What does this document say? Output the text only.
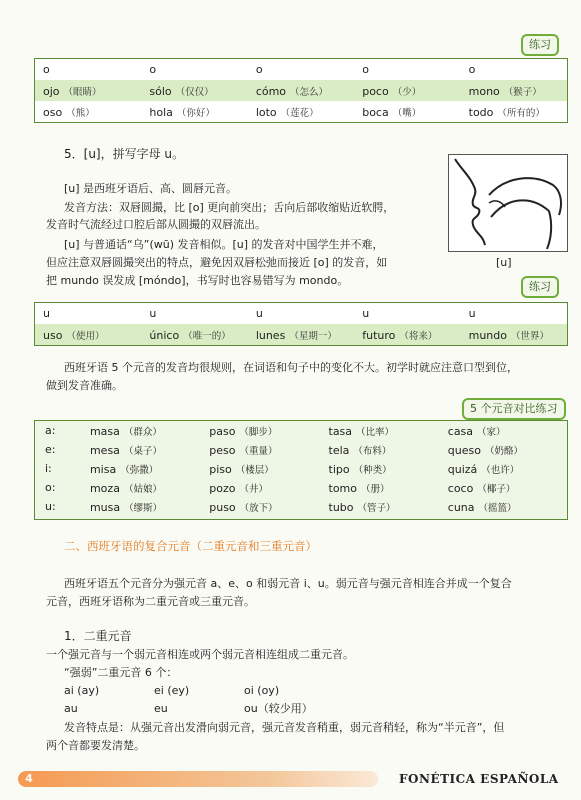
练习
o	o	o	o	o
ojo （眼睛）	sólo （仅仅）	cómo （怎么）	poco （少）	mono （猴子）
oso （熊）	hola （你好）	loto （莲花）	boca （嘴）	todo （所有的）
5．[u]，拼写字母 u。
[u] 是西班牙语后、高、圆唇元音。
发音方法：双唇圆撮，比 [o] 更向前突出；舌向后部收缩贴近软腭，
发音时气流经过口腔后部从圆撮的双唇流出。
[u] 与普通话“乌”(wū) 发音相似。[u] 的发音对中国学生并不难，
但应注意双唇圆撮突出的特点，避免因双唇松弛而接近 [o] 的发音，如
把 mundo 误发成 [móndo]，书写时也容易错写为 mondo。
[u]
练习
u	u	u	u	u
uso （使用）	único （唯一的）	lunes （星期一）	futuro （将来）	mundo （世界）
西班牙语 5 个元音的发音均很规则，在词语和句子中的变化不大。初学时就应注意口型到位，
做到发音准确。
5 个元音对比练习
a:	masa （群众）	paso （脚步）	tasa （比率）	casa （家）
e:	mesa （桌子）	peso （重量）	tela （布料）	queso （奶酪）
i:	misa （弥撒）	piso （楼层）	tipo （种类）	quizá （也许）
o:	moza （姑娘）	pozo （井）	tomo （册）	coco （椰子）
u:	musa （缪斯）	puso （放下）	tubo （管子）	cuna （摇篮）
二、西班牙语的复合元音（二重元音和三重元音）
西班牙语五个元音分为强元音 a、e、o 和弱元音 i、u。弱元音与强元音相连合并成一个复合
元音，西班牙语称为二重元音或三重元音。
1．二重元音
一个强元音与一个弱元音相连或两个弱元音相连组成二重元音。
“强弱”二重元音 6 个：
ai (ay)	ei (ey)	oi (oy)
au	eu	ou（较少用）
发音特点是：从强元音出发滑向弱元音，强元音发音稍重，弱元音稍轻，称为“半元音”，但
两个音都要发清楚。
4	FONÉTICA ESPAÑOLA
